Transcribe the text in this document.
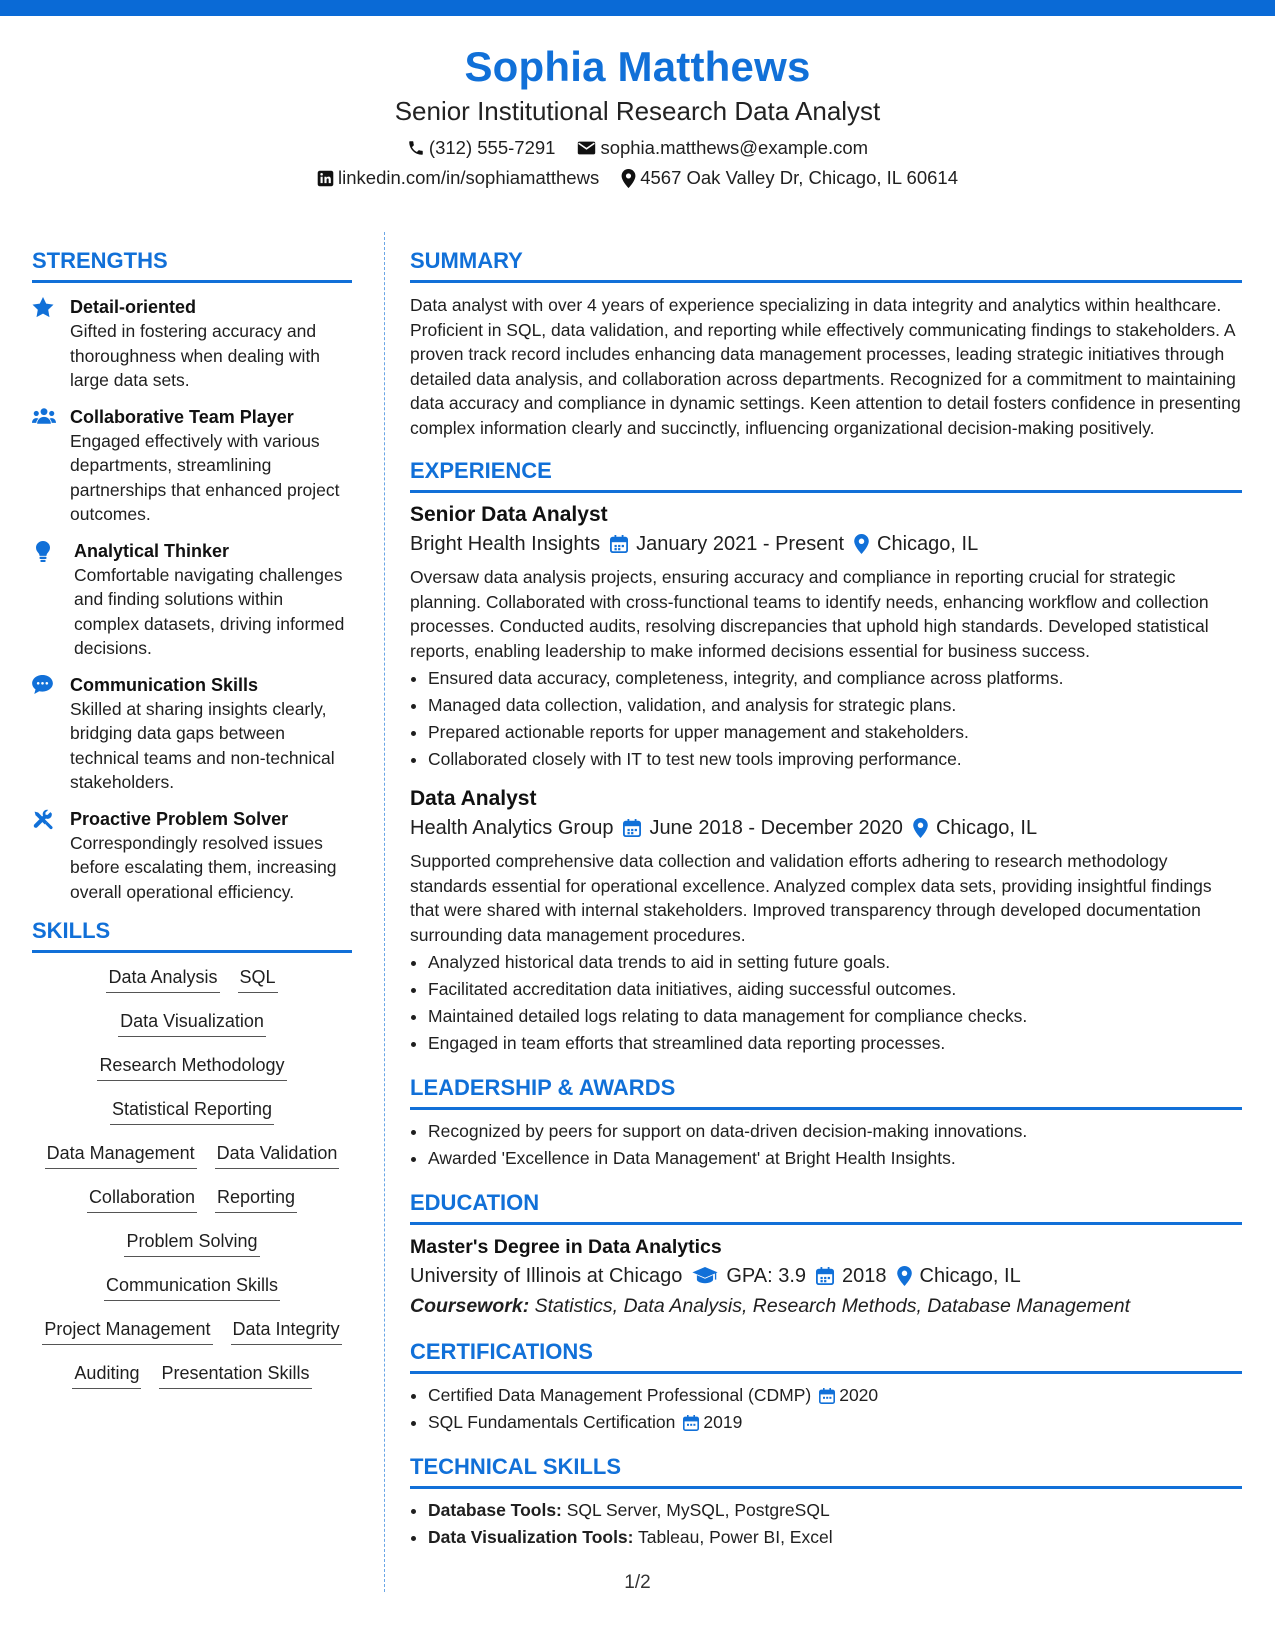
Sophia Matthews
Senior Institutional Research Data Analyst
(312) 555-7291 sophia.matthews@example.com
linkedin.com/in/sophiamatthews 4567 Oak Valley Dr, Chicago, IL 60614
STRENGTHS
Detail-oriented
Gifted in fostering accuracy and thoroughness when dealing with large data sets.
Collaborative Team Player
Engaged effectively with various departments, streamlining partnerships that enhanced project outcomes.
Analytical Thinker
Comfortable navigating challenges and finding solutions within complex datasets, driving informed decisions.
Communication Skills
Skilled at sharing insights clearly, bridging data gaps between technical teams and non-technical stakeholders.
Proactive Problem Solver
Correspondingly resolved issues before escalating them, increasing overall operational efficiency.
SKILLS
Data Analysis SQL
Data Visualization
Research Methodology
Statistical Reporting
Data Management Data Validation
Collaboration Reporting
Problem Solving
Communication Skills
Project Management Data Integrity
Auditing Presentation Skills
SUMMARY

Data analyst with over 4 years of experience specializing in data integrity and analytics within healthcare. Proficient in SQL, data validation, and reporting while effectively communicating findings to stakeholders. A proven track record includes enhancing data management processes, leading strategic initiatives through detailed data analysis, and collaboration across departments. Recognized for a commitment to maintaining data accuracy and compliance in dynamic settings. Keen attention to detail fosters confidence in presenting complex information clearly and succinctly, influencing organizational decision-making positively.

EXPERIENCE
Senior Data Analyst
Bright Health Insights January 2021 - Present Chicago, IL

Oversaw data analysis projects, ensuring accuracy and compliance in reporting crucial for strategic planning. Collaborated with cross-functional teams to identify needs, enhancing workflow and collection processes. Conducted audits, resolving discrepancies that uphold high standards. Developed statistical reports, enabling leadership to make informed decisions essential for business success.

• Ensured data accuracy, completeness, integrity, and compliance across platforms.
• Managed data collection, validation, and analysis for strategic plans.
• Prepared actionable reports for upper management and stakeholders.
• Collaborated closely with IT to test new tools improving performance.
Data Analyst
Health Analytics Group June 2018 - December 2020 Chicago, IL

Supported comprehensive data collection and validation efforts adhering to research methodology standards essential for operational excellence. Analyzed complex data sets, providing insightful findings that were shared with internal stakeholders. Improved transparency through developed documentation surrounding data management procedures.

• Analyzed historical data trends to aid in setting future goals.
• Facilitated accreditation data initiatives, aiding successful outcomes.
• Maintained detailed logs relating to data management for compliance checks.
• Engaged in team efforts that streamlined data reporting processes.
LEADERSHIP & AWARDS
• Recognized by peers for support on data-driven decision-making innovations.
• Awarded 'Excellence in Data Management' at Bright Health Insights.
EDUCATION
Master's Degree in Data Analytics
University of Illinois at Chicago GPA: 3.9 2018 Chicago, IL
Coursework: Statistics, Data Analysis, Research Methods, Database Management
CERTIFICATIONS
• Certified Data Management Professional (CDMP) 2020
• SQL Fundamentals Certification 2019
TECHNICAL SKILLS
• Database Tools: SQL Server, MySQL, PostgreSQL
• Data Visualization Tools: Tableau, Power BI, Excel
1/2
